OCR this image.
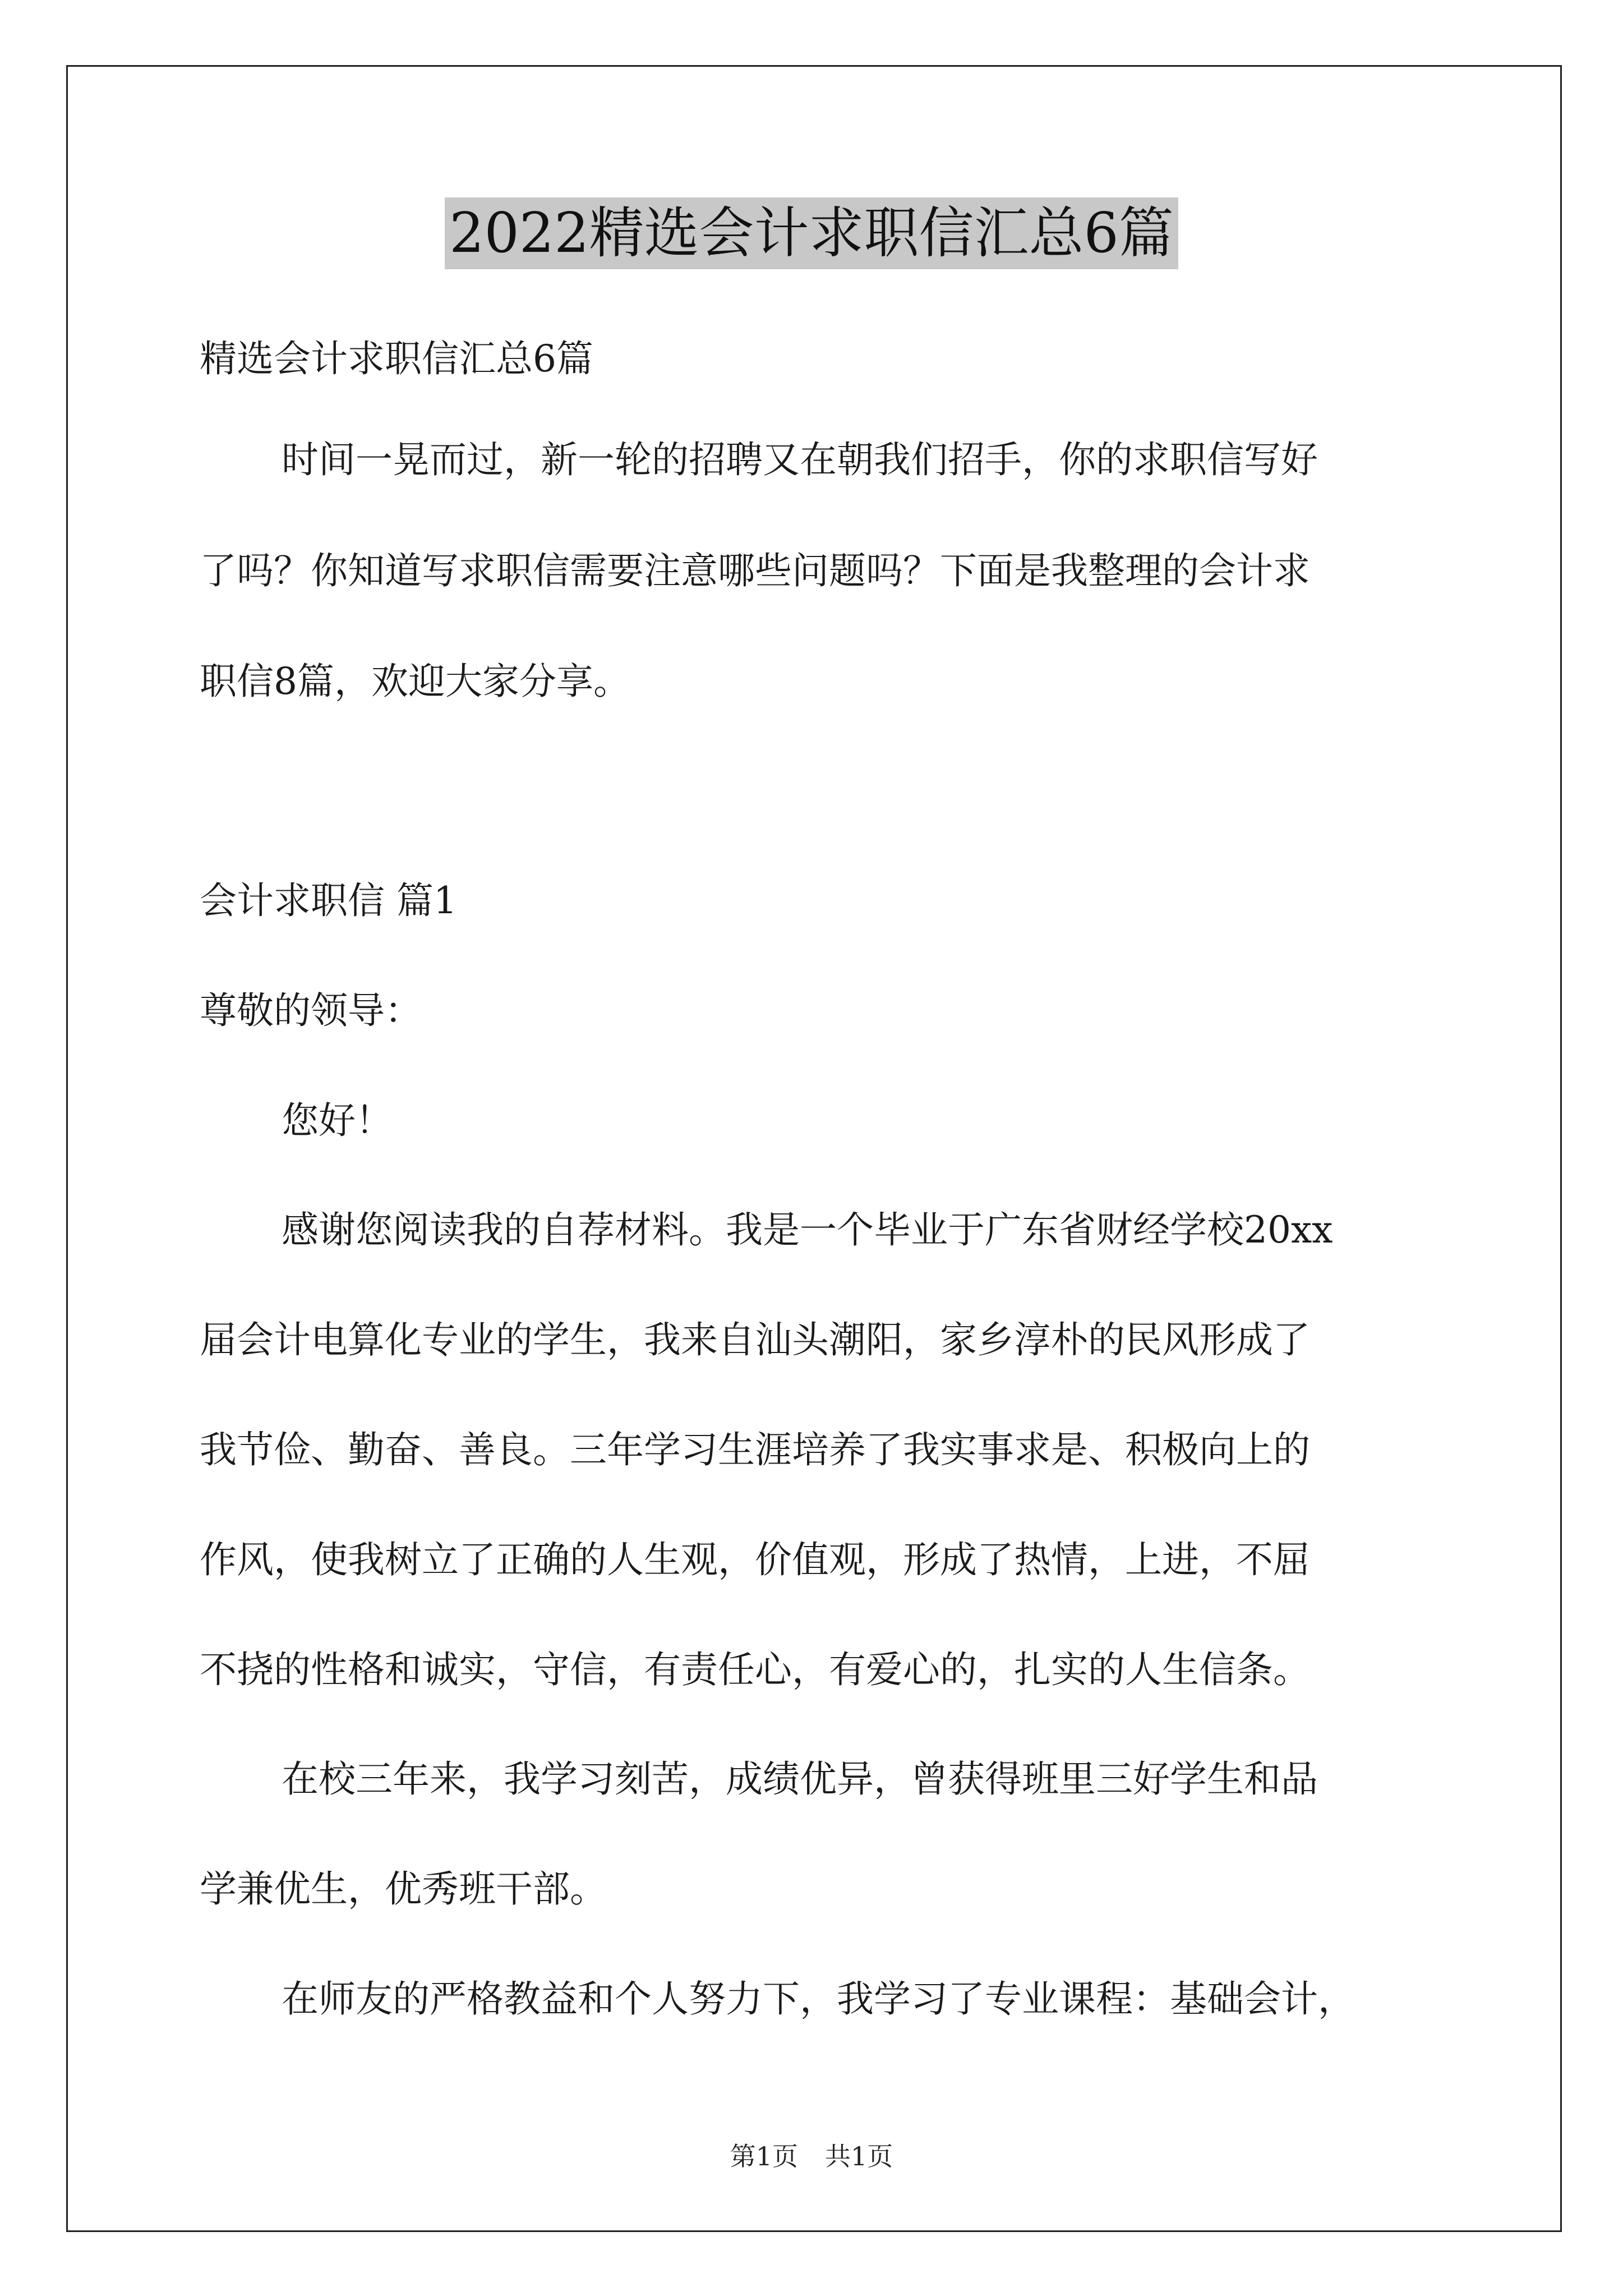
2022精选会计求职信汇总6篇
精选会计求职信汇总6篇
时间一晃而过，新一轮的招聘又在朝我们招手，你的求职信写好
了吗？你知道写求职信需要注意哪些问题吗？下面是我整理的会计求
职信8篇，欢迎大家分享。
会计求职信 篇1
尊敬的领导：
您好！
感谢您阅读我的自荐材料。我是一个毕业于广东省财经学校20xx
届会计电算化专业的学生，我来自汕头潮阳，家乡淳朴的民风形成了
我节俭、勤奋、善良。三年学习生涯培养了我实事求是、积极向上的
作风，使我树立了正确的人生观，价值观，形成了热情，上进，不屈
不挠的性格和诚实，守信，有责任心，有爱心的，扎实的人生信条。
在校三年来，我学习刻苦，成绩优异，曾获得班里三好学生和品
学兼优生，优秀班干部。
在师友的严格教益和个人努力下，我学习了专业课程：基础会计，
第1页 共1页
